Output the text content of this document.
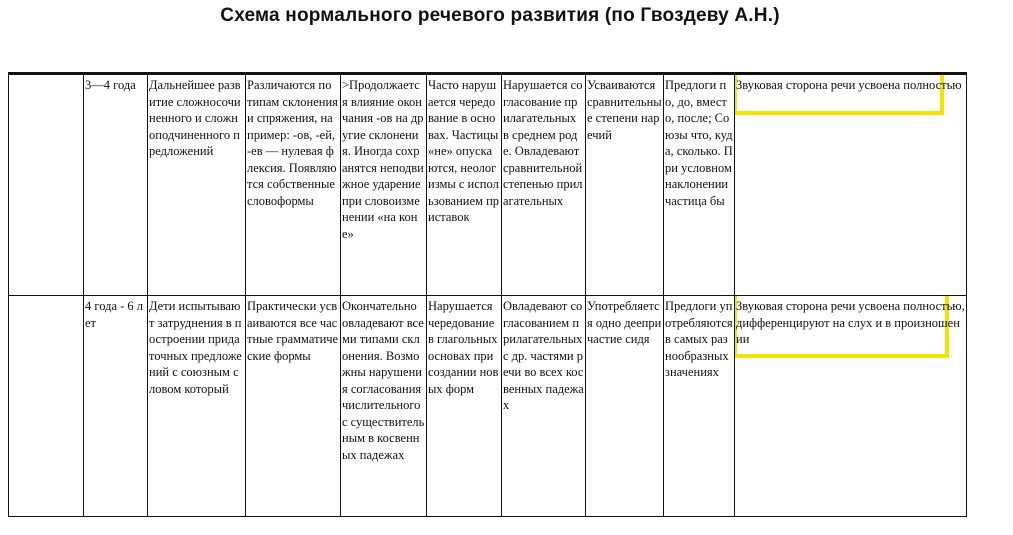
Схема нормального речевого развития (по Гвоздеву А.Н.)
	3—4 года	Дальнейшее развитие сложносочиненного и сложноподчиненного предложений	Различаются по типам склонения и спряжения, например: -ов, -ей, -ев — нулевая флексия. Появляются собственные словоформы	>Продолжается влияние окончания -ов на другие склонения. Иногда сохранятся неподвижное ударение при словоизменении «на коне»	Часто нарушается чередование в основах. Частицы «не» опускаются, неологизмы с использованием приставок	Нарушается согласование прилагательных в среднем роде. Овладевают сравнительной степенью прилагательных	Усваиваются сравнительные степени наречий	Предлоги по, до, вместо, после; Союзы что, куда, сколько. При условном наклонении частица бы	Звуковая сторона речи усвоена полностью
	4 года - 6 лет	Дети испытывают затруднения в построении придаточных предложений с союзным словом который	Практически усваиваются все частные грамматические формы	Окончательно овладевают всеми типами склонения. Возможны нарушения согласования числительного с существительным в косвенных падежах	Нарушается чередование в глагольных основах при создании новых форм	Овладевают согласованием прилагательных с др. частями речи во всех косвенных падежах	Употребляется одно деепричастие сидя	Предлоги употребляются в самых разнообразных значениях	Звуковая сторона речи усвоена полностью, дифференцируют на слух и в произношении
